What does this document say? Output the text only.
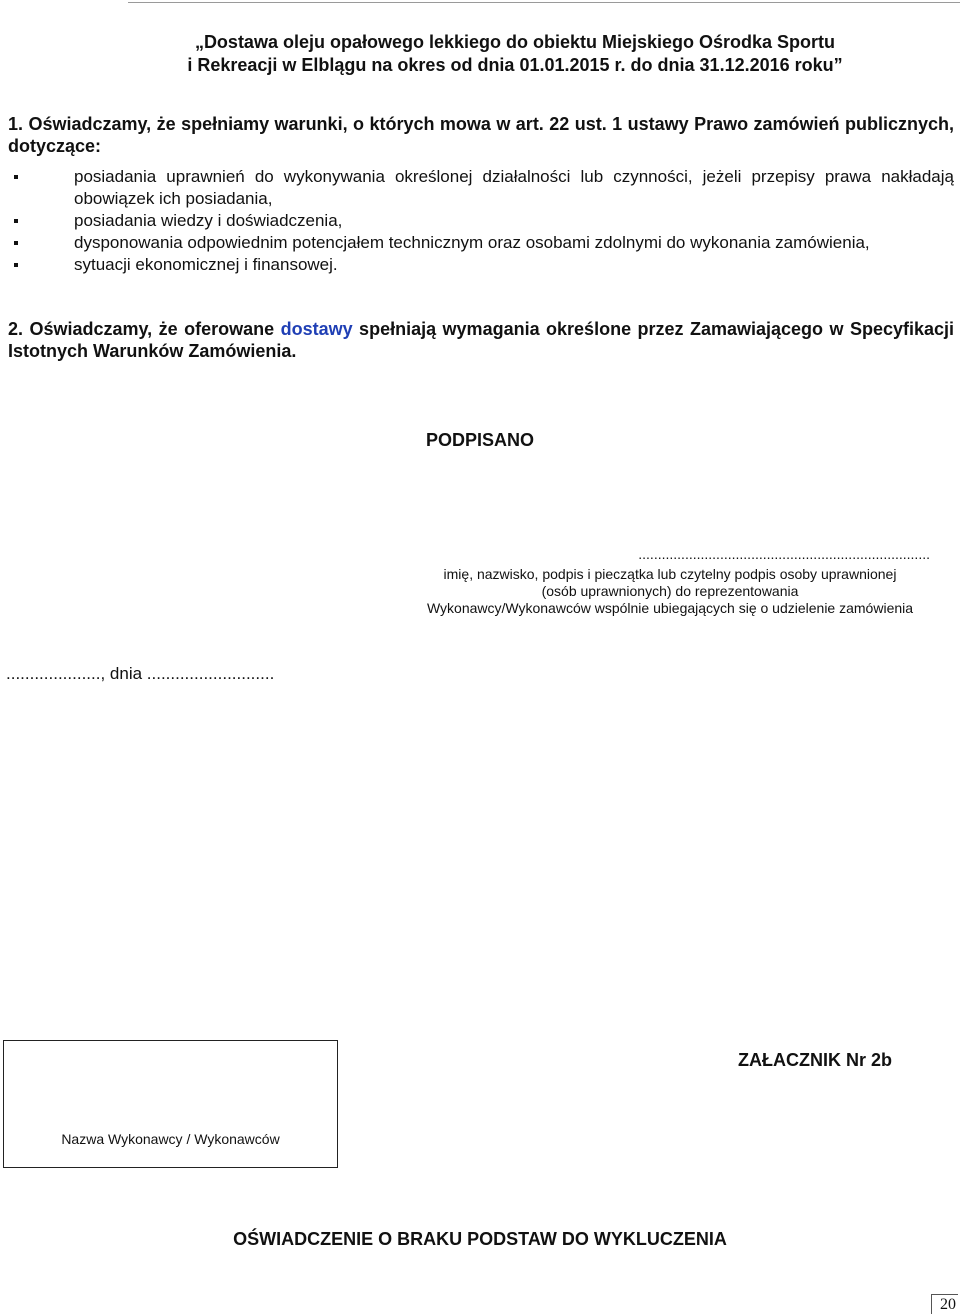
„Dostawa oleju opałowego lekkiego do obiektu Miejskiego Ośrodka Sportu
i Rekreacji w Elblągu na okres od dnia 01.01.2015 r. do dnia 31.12.2016 roku”
1. Oświadczamy, że spełniamy warunki, o których mowa w art. 22 ust. 1 ustawy Prawo zamówień publicznych, dotyczące:
posiadania uprawnień do wykonywania określonej działalności lub czynności, jeżeli przepisy prawa nakładają obowiązek ich posiadania,
posiadania wiedzy i doświadczenia,
dysponowania odpowiednim potencjałem technicznym oraz osobami zdolnymi do wykonania zamówienia,
sytuacji ekonomicznej i finansowej.
2. Oświadczamy, że oferowane dostawy spełniają wymagania określone przez Zamawiającego w Specyfikacji Istotnych Warunków Zamówienia.
PODPISANO
...........................................................................
imię, nazwisko, podpis i pieczątka lub czytelny podpis osoby uprawnionej
(osób uprawnionych) do reprezentowania
Wykonawcy/Wykonawców wspólnie ubiegających się o udzielenie zamówienia
...................., dnia ...........................
Nazwa Wykonawcy / Wykonawców
ZAŁACZNIK Nr 2b
OŚWIADCZENIE O BRAKU PODSTAW DO WYKLUCZENIA
20
